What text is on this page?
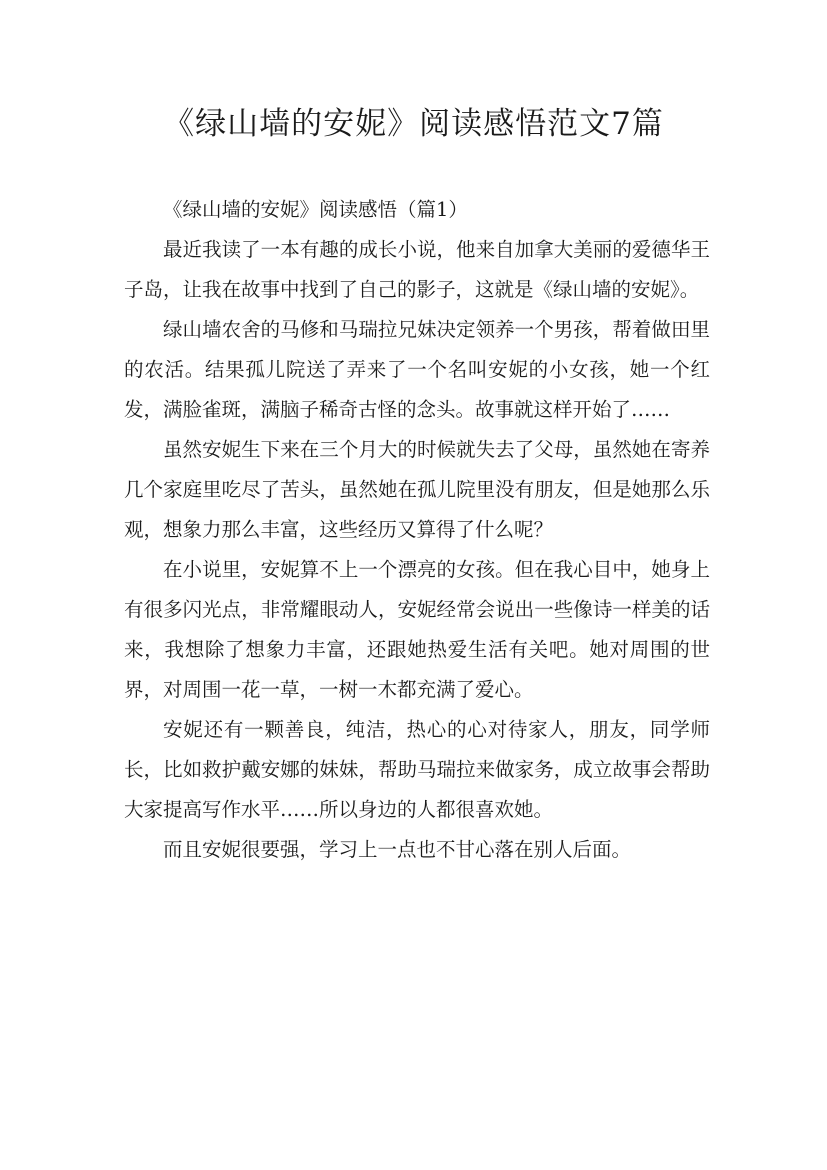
《绿山墙的安妮》阅读感悟范文7篇

《绿山墙的安妮》阅读感悟（篇1）

最近我读了一本有趣的成长小说，他来自加拿大美丽的爱德华王子岛，让我在故事中找到了自己的影子，这就是《绿山墙的安妮》。

绿山墙农舍的马修和马瑞拉兄妹决定领养一个男孩，帮着做田里的农活。结果孤儿院送了弄来了一个名叫安妮的小女孩，她一个红发，满脸雀斑，满脑子稀奇古怪的念头。故事就这样开始了……

虽然安妮生下来在三个月大的时候就失去了父母，虽然她在寄养几个家庭里吃尽了苦头，虽然她在孤儿院里没有朋友，但是她那么乐观，想象力那么丰富，这些经历又算得了什么呢？

在小说里，安妮算不上一个漂亮的女孩。但在我心目中，她身上有很多闪光点，非常耀眼动人，安妮经常会说出一些像诗一样美的话来，我想除了想象力丰富，还跟她热爱生活有关吧。她对周围的世界，对周围一花一草，一树一木都充满了爱心。

安妮还有一颗善良，纯洁，热心的心对待家人，朋友，同学师长，比如救护戴安娜的妹妹，帮助马瑞拉来做家务，成立故事会帮助大家提高写作水平……所以身边的人都很喜欢她。

而且安妮很要强，学习上一点也不甘心落在别人后面。
